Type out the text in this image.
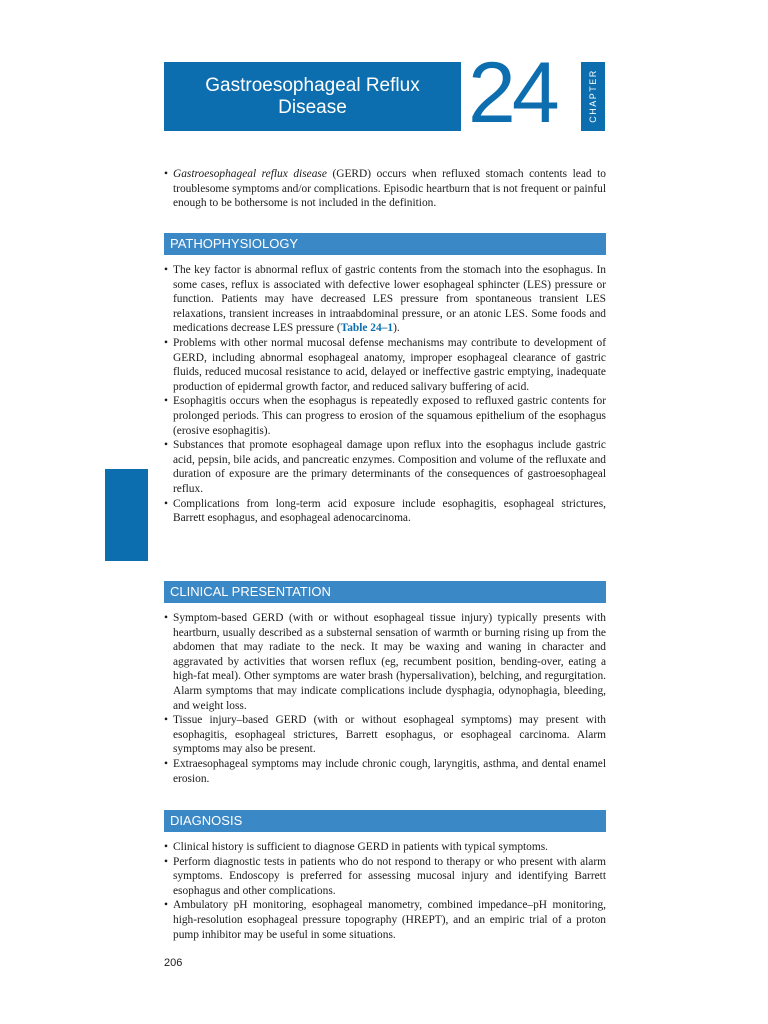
Gastroesophageal Reflux
Disease 24	CHAPTER
• Gastroesophageal reflux disease (GERD) occurs when refluxed stomach contents lead to troublesome symptoms and/or complications. Episodic heartburn that is not frequent or painful enough to be bothersome is not included in the definition.
PATHOPHYSIOLOGY
• The key factor is abnormal reflux of gastric contents from the stomach into the esophagus. In some cases, reflux is associated with defective lower esophageal sphincter (LES) pressure or function. Patients may have decreased LES pressure from spontaneous transient LES relaxations, transient increases in intraabdominal pressure, or an atonic LES. Some foods and medications decrease LES pressure (Table 24–1).
• Problems with other normal mucosal defense mechanisms may contribute to development of GERD, including abnormal esophageal anatomy, improper esophageal clearance of gastric fluids, reduced mucosal resistance to acid, delayed or ineffective gastric emptying, inadequate production of epidermal growth factor, and reduced salivary buffering of acid.
• Esophagitis occurs when the esophagus is repeatedly exposed to refluxed gastric contents for prolonged periods. This can progress to erosion of the squamous epithelium of the esophagus (erosive esophagitis).
• Substances that promote esophageal damage upon reflux into the esophagus include gastric acid, pepsin, bile acids, and pancreatic enzymes. Composition and volume of the refluxate and duration of exposure are the primary determinants of the consequences of gastroesophageal reflux.
• Complications from long-term acid exposure include esophagitis, esophageal strictures, Barrett esophagus, and esophageal adenocarcinoma.
CLINICAL PRESENTATION
• Symptom-based GERD (with or without esophageal tissue injury) typically presents with heartburn, usually described as a substernal sensation of warmth or burning rising up from the abdomen that may radiate to the neck. It may be waxing and waning in character and aggravated by activities that worsen reflux (eg, recumbent position, bending-over, eating a high-fat meal). Other symptoms are water brash (hypersalivation), belching, and regurgitation. Alarm symptoms that may indicate complications include dysphagia, odynophagia, bleeding, and weight loss.
• Tissue injury–based GERD (with or without esophageal symptoms) may present with esophagitis, esophageal strictures, Barrett esophagus, or esophageal carcinoma. Alarm symptoms may also be present.
• Extraesophageal symptoms may include chronic cough, laryngitis, asthma, and dental enamel erosion.
DIAGNOSIS
• Clinical history is sufficient to diagnose GERD in patients with typical symptoms.
• Perform diagnostic tests in patients who do not respond to therapy or who present with alarm symptoms. Endoscopy is preferred for assessing mucosal injury and identifying Barrett esophagus and other complications.
• Ambulatory pH monitoring, esophageal manometry, combined impedance–pH monitoring, high-resolution esophageal pressure topography (HREPT), and an empiric trial of a proton pump inhibitor may be useful in some situations.
206
